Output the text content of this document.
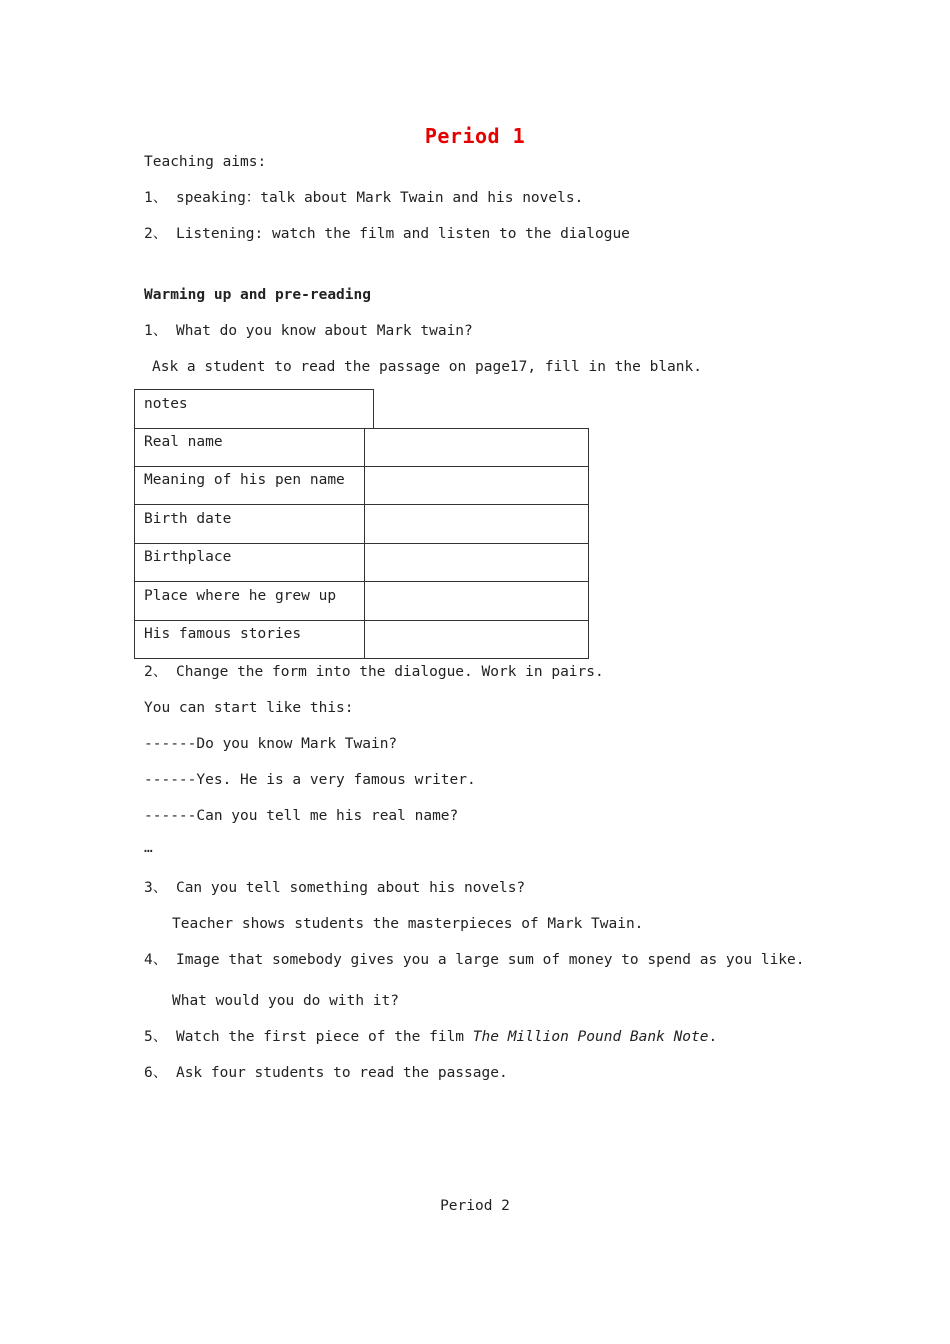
Period 1
Teaching aims:
1、 speaking：talk about Mark Twain and his novels.
2、 Listening: watch the film and listen to the dialogue
Warming up and pre-reading
1、 What do you know about Mark twain?
Ask a student to read the passage on page17, fill in the blank.
notes
Real name
Meaning of his pen name
Birth date
Birthplace
Place where he grew up
His famous stories
2、 Change the form into the dialogue. Work in pairs.
You can start like this:
------Do you know Mark Twain?
------Yes. He is a very famous writer.
------Can you tell me his real name?
…
3、 Can you tell something about his novels?
Teacher shows students the masterpieces of Mark Twain.
4、 Image that somebody gives you a large sum of money to spend as you like.
What would you do with it?
5、 Watch the first piece of the film The Million Pound Bank Note.
6、 Ask four students to read the passage.
Period 2
